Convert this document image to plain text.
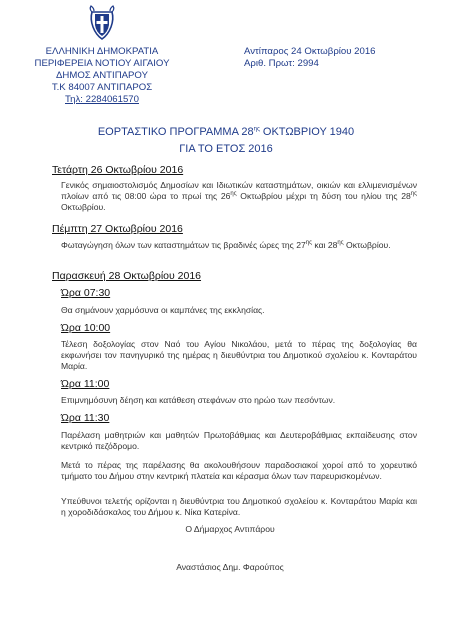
ΕΛΛΗΝΙΚΗ ΔΗΜΟΚΡΑΤΙΑ
ΠΕΡΙΦΕΡΕΙΑ ΝΟΤΙΟΥ ΑΙΓΑΙΟΥ
ΔΗΜΟΣ ΑΝΤΙΠΑΡΟΥ
Τ.Κ 84007 ΑΝΤΙΠΑΡΟΣ
Τηλ: 2284061570
Αντίπαρος 24 Οκτωβρίου 2016
Αριθ. Πρωτ: 2994
ΕΟΡΤΑΣΤΙΚΟ ΠΡΟΓΡΑΜΜΑ $28^{\eta\varsigma}$ ΟΚΤΩΒΡΙΟΥ 1940
ΓΙΑ ΤΟ ΕΤΟΣ 2016
Τετάρτη 26 Οκτωβρίου 2016
Γενικός σημαιοστολισμός Δημοσίων και Ιδιωτικών καταστημάτων, οικιών και ελλιμενισμένων πλοίων από τις 08:00 ώρα το πρωί της $26^{\eta\varsigma}$ Οκτωβρίου μέχρι τη δύση του ηλίου της $28^{\eta\varsigma}$ Οκτωβρίου.
Πέμπτη 27 Οκτωβρίου 2016
Φωταγώγηση όλων των καταστημάτων τις βραδινές ώρες της $27^{\eta\varsigma}$ και $28^{\eta\varsigma}$ Οκτωβρίου.
Παρασκευή 28 Οκτωβρίου 2016
Ώρα 07:30
Θα σημάνουν χαρμόσυνα οι καμπάνες της εκκλησίας.
Ώρα 10:00
Τέλεση δοξολογίας στον Ναό του Αγίου Νικολάου, μετά το πέρας της δοξολογίας θα εκφωνήσει τον πανηγυρικό της ημέρας η διευθύντρια του Δημοτικού σχολείου κ. Κονταράτου Μαρία.
Ώρα 11:00
Επιμνημόσυνη δέηση και κατάθεση στεφάνων στο ηρώο των πεσόντων.
Ώρα 11:30
Παρέλαση μαθητριών και μαθητών Πρωτοβάθμιας και Δευτεροβάθμιας εκπαίδευσης στον κεντρικό πεζόδρομο.
Μετά το πέρας της παρέλασης θα ακολουθήσουν παραδοσιακοί χοροί από το χορευτικό τμήματο του Δήμου στην κεντρική πλατεία και κέρασμα όλων των παρευρισκομένων.
Υπεύθυνοι τελετής ορίζονται η διευθύντρια του Δημοτικού σχολείου κ. Κονταράτου Μαρία και η χοροδιδάσκαλος του Δήμου κ. Νίκα Κατερίνα.
Ο Δήμαρχος Αντιπάρου
Αναστάσιος Δημ. Φαρούπος
